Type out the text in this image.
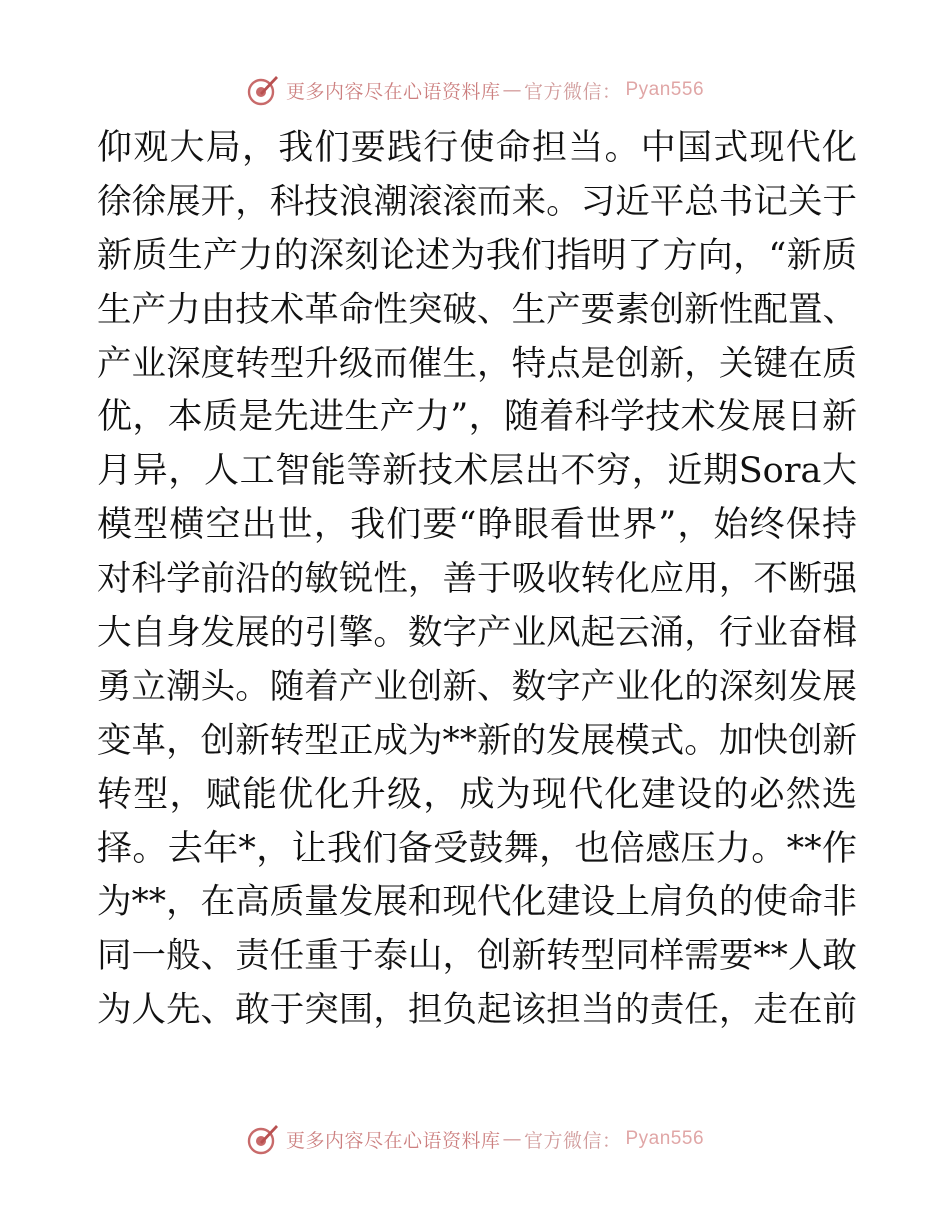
更多内容尽在心语资料库 — 官方微信： Pyan556
仰观大局，我们要践行使命担当。中国式现代化
徐徐展开，科技浪潮滚滚而来。习近平总书记关于
新质生产力的深刻论述为我们指明了方向，“新质
生产力由技术革命性突破、生产要素创新性配置、
产业深度转型升级而催生，特点是创新，关键在质
优，本质是先进生产力”，随着科学技术发展日新
月异，人工智能等新技术层出不穷，近期Sora大
模型横空出世，我们要“睁眼看世界”，始终保持
对科学前沿的敏锐性，善于吸收转化应用，不断强
大自身发展的引擎。数字产业风起云涌，行业奋楫
勇立潮头。随着产业创新、数字产业化的深刻发展
变革，创新转型正成为**新的发展模式。加快创新
转型，赋能优化升级，成为现代化建设的必然选
择。去年*，让我们备受鼓舞，也倍感压力。**作
为**，在高质量发展和现代化建设上肩负的使命非
同一般、责任重于泰山，创新转型同样需要**人敢
为人先、敢于突围，担负起该担当的责任，走在前
更多内容尽在心语资料库 — 官方微信： Pyan556
